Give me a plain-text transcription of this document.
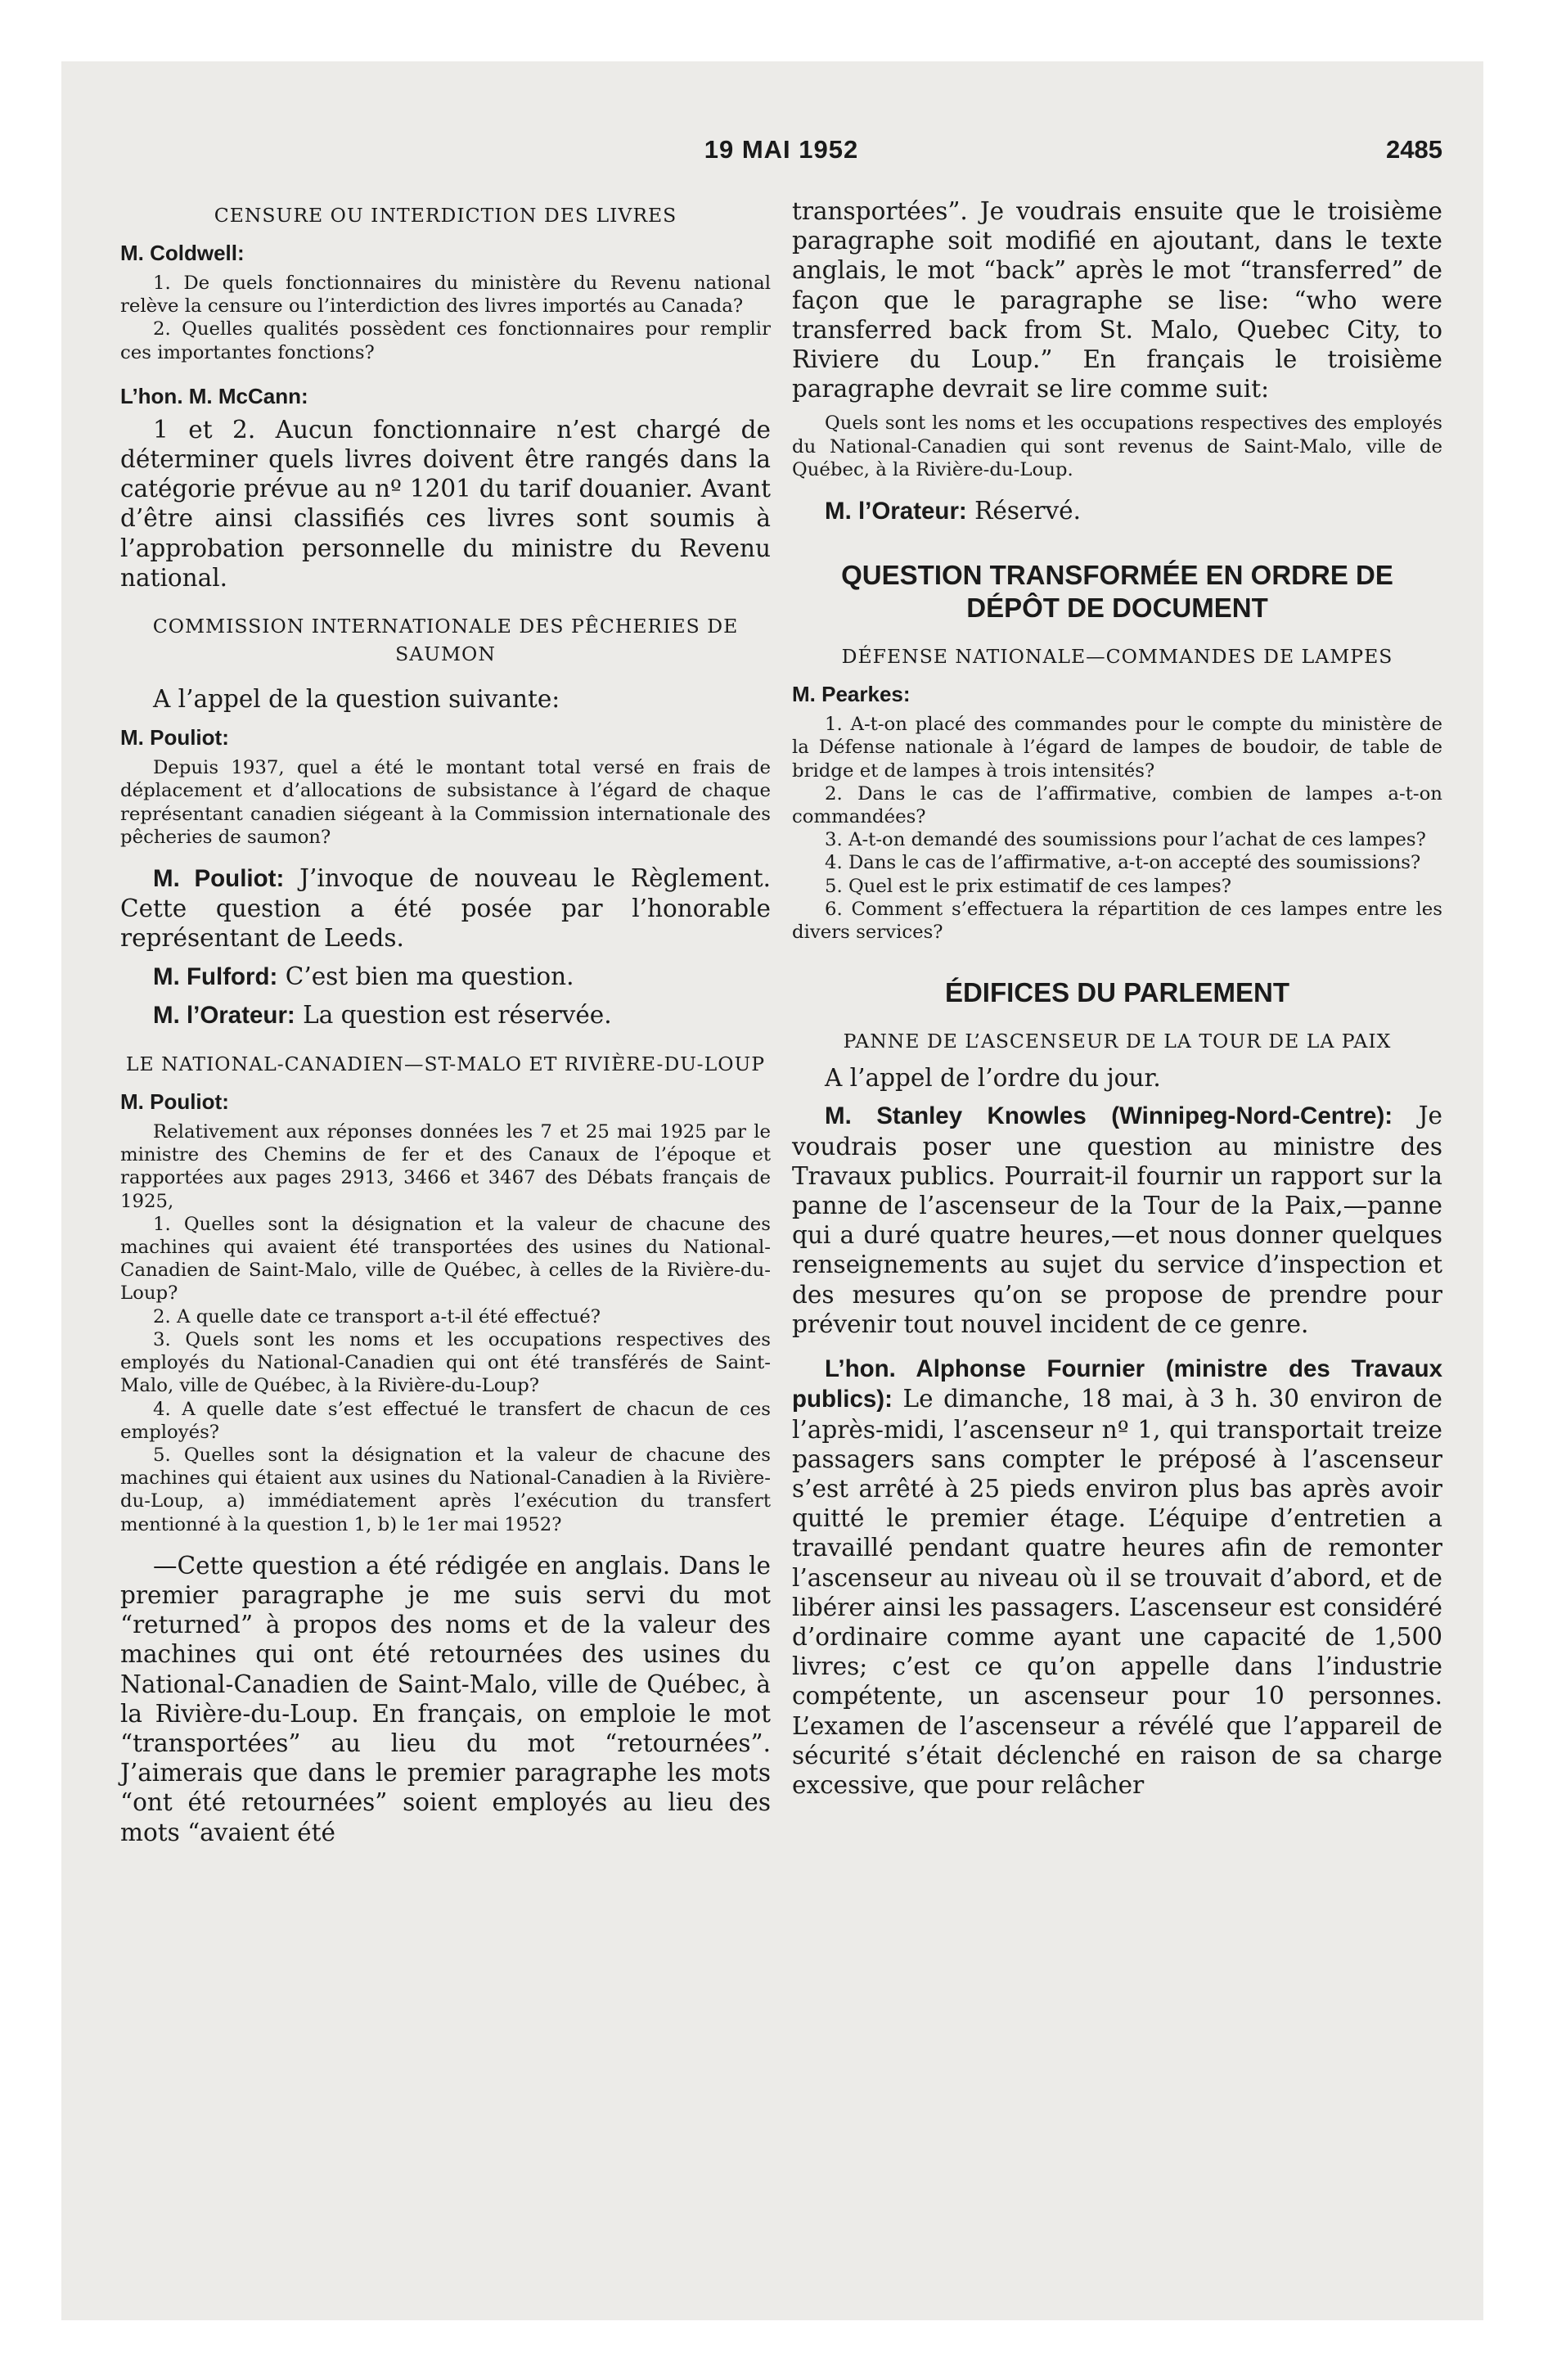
19 MAI 1952	2485
CENSURE OU INTERDICTION DES LIVRES
M. Coldwell:

1. De quels fonctionnaires du ministère du Revenu national relève la censure ou l’interdiction des livres importés au Canada?

2. Quelles qualités possèdent ces fonctionnaires pour remplir ces importantes fonctions?

L’hon. M. McCann:

1 et 2. Aucun fonctionnaire n’est chargé de déterminer quels livres doivent être rangés dans la catégorie prévue au nº 1201 du tarif douanier. Avant d’être ainsi classifiés ces livres sont soumis à l’approbation personnelle du ministre du Revenu national.

COMMISSION INTERNATIONALE DES PÊCHERIES DE SAUMON

A l’appel de la question suivante:

M. Pouliot:

Depuis 1937, quel a été le montant total versé en frais de déplacement et d’allocations de subsistance à l’égard de chaque représentant canadien siégeant à la Commission internationale des pêcheries de saumon?

M. Pouliot: J’invoque de nouveau le Règlement. Cette question a été posée par l’honorable représentant de Leeds.

M. Fulford: C’est bien ma question.

M. l’Orateur: La question est réservée.

LE NATIONAL-CANADIEN—ST-MALO ET RIVIÈRE-DU-LOUP
M. Pouliot:

Relativement aux réponses données les 7 et 25 mai 1925 par le ministre des Chemins de fer et des Canaux de l’époque et rapportées aux pages 2913, 3466 et 3467 des Débats français de 1925,

1. Quelles sont la désignation et la valeur de chacune des machines qui avaient été transportées des usines du National-Canadien de Saint-Malo, ville de Québec, à celles de la Rivière-du-Loup?

2. A quelle date ce transport a-t-il été effectué?

3. Quels sont les noms et les occupations respectives des employés du National-Canadien qui ont été transférés de Saint-Malo, ville de Québec, à la Rivière-du-Loup?

4. A quelle date s’est effectué le transfert de chacun de ces employés?

5. Quelles sont la désignation et la valeur de chacune des machines qui étaient aux usines du National-Canadien à la Rivière-du-Loup, a) immédiatement après l’exécution du transfert mentionné à la question 1, b) le 1er mai 1952?

—Cette question a été rédigée en anglais. Dans le premier paragraphe je me suis servi du mot “returned” à propos des noms et de la valeur des machines qui ont été retournées des usines du National-Canadien de Saint-Malo, ville de Québec, à la Rivière-du-Loup. En français, on emploie le mot “transportées” au lieu du mot “retournées”. J’aimerais que dans le premier paragraphe les mots “ont été retournées” soient employés au lieu des mots “avaient été

transportées”. Je voudrais ensuite que le troisième paragraphe soit modifié en ajoutant, dans le texte anglais, le mot “back” après le mot “transferred” de façon que le paragraphe se lise: “who were transferred back from St. Malo, Quebec City, to Riviere du Loup.” En français le troisième paragraphe devrait se lire comme suit:

Quels sont les noms et les occupations respectives des employés du National-Canadien qui sont revenus de Saint-Malo, ville de Québec, à la Rivière-du-Loup.

M. l’Orateur: Réservé.

QUESTION TRANSFORMÉE EN ORDRE DE DÉPÔT DE DOCUMENT
DÉFENSE NATIONALE—COMMANDES DE LAMPES
M. Pearkes:

1. A-t-on placé des commandes pour le compte du ministère de la Défense nationale à l’égard de lampes de boudoir, de table de bridge et de lampes à trois intensités?

2. Dans le cas de l’affirmative, combien de lampes a-t-on commandées?

3. A-t-on demandé des soumissions pour l’achat de ces lampes?

4. Dans le cas de l’affirmative, a-t-on accepté des soumissions?

5. Quel est le prix estimatif de ces lampes?

6. Comment s’effectuera la répartition de ces lampes entre les divers services?

ÉDIFICES DU PARLEMENT
PANNE DE L’ASCENSEUR DE LA TOUR DE LA PAIX

A l’appel de l’ordre du jour.

M. Stanley Knowles (Winnipeg-Nord-Centre): Je voudrais poser une question au ministre des Travaux publics. Pourrait-il fournir un rapport sur la panne de l’ascenseur de la Tour de la Paix,—panne qui a duré quatre heures,—et nous donner quelques renseignements au sujet du service d’inspection et des mesures qu’on se propose de prendre pour prévenir tout nouvel incident de ce genre.

L’hon. Alphonse Fournier (ministre des Travaux publics): Le dimanche, 18 mai, à 3 h. 30 environ de l’après-midi, l’ascenseur nº 1, qui transportait treize passagers sans compter le préposé à l’ascenseur s’est arrêté à 25 pieds environ plus bas après avoir quitté le premier étage. L’équipe d’entretien a travaillé pendant quatre heures afin de remonter l’ascenseur au niveau où il se trouvait d’abord, et de libérer ainsi les passagers. L’ascenseur est considéré d’ordinaire comme ayant une capacité de 1,500 livres; c’est ce qu’on appelle dans l’industrie compétente, un ascenseur pour 10 personnes. L’examen de l’ascenseur a révélé que l’appareil de sécurité s’était déclenché en raison de sa charge excessive, que pour relâcher
